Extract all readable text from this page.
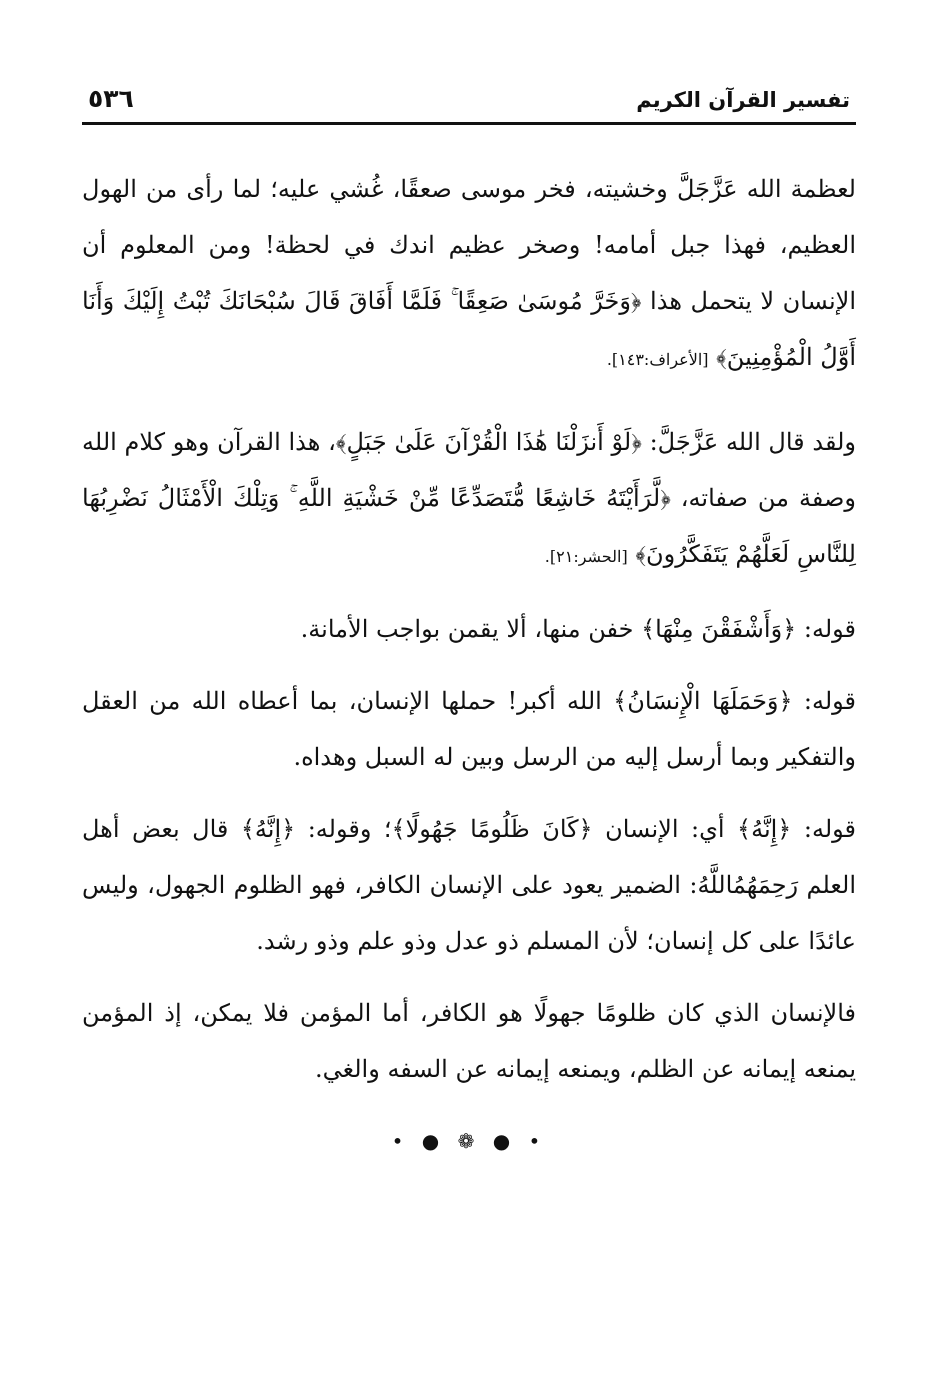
تفسير القرآن الكريم
٥٣٦

لعظمة الله عَزَّجَلَّ وخشيته، فخر موسى صعقًا، غُشي عليه؛ لما رأى من الهول العظيم، فهذا جبل أمامه! وصخر عظيم اندك في لحظة! ومن المعلوم أن الإنسان لا يتحمل هذا ﴿وَخَرَّ مُوسَىٰ صَعِقًا ۚ فَلَمَّا أَفَاقَ قَالَ سُبْحَانَكَ تُبْتُ إِلَيْكَ وَأَنَا أَوَّلُ الْمُؤْمِنِينَ﴾ [الأعراف:١٤٣].

ولقد قال الله عَزَّجَلَّ: ﴿لَوْ أَنزَلْنَا هَٰذَا الْقُرْآنَ عَلَىٰ جَبَلٍ﴾، هذا القرآن وهو كلام الله وصفة من صفاته، ﴿لَّرَأَيْتَهُ خَاشِعًا مُّتَصَدِّعًا مِّنْ خَشْيَةِ اللَّهِ ۚ وَتِلْكَ الْأَمْثَالُ نَضْرِبُهَا لِلنَّاسِ لَعَلَّهُمْ يَتَفَكَّرُونَ﴾ [الحشر:٢١].

قوله: ﴿وَأَشْفَقْنَ مِنْهَا﴾ خفن منها، ألا يقمن بواجب الأمانة.

قوله: ﴿وَحَمَلَهَا الْإِنسَانُ﴾ الله أكبر! حملها الإنسان، بما أعطاه الله من العقل والتفكير وبما أرسل إليه من الرسل وبين له السبل وهداه.

قوله: ﴿إِنَّهُ﴾ أي: الإنسان ﴿كَانَ ظَلُومًا جَهُولًا﴾؛ وقوله: ﴿إِنَّهُ﴾ قال بعض أهل العلم رَحِمَهُمُاللَّهُ: الضمير يعود على الإنسان الكافر، فهو الظلوم الجهول، وليس عائدًا على كل إنسان؛ لأن المسلم ذو عدل وذو علم وذو رشد.

فالإنسان الذي كان ظلومًا جهولًا هو الكافر، أما المؤمن فلا يمكن، إذ المؤمن يمنعه إيمانه عن الظلم، ويمنعه إيمانه عن السفه والغي.

• ● ❁ ● •
